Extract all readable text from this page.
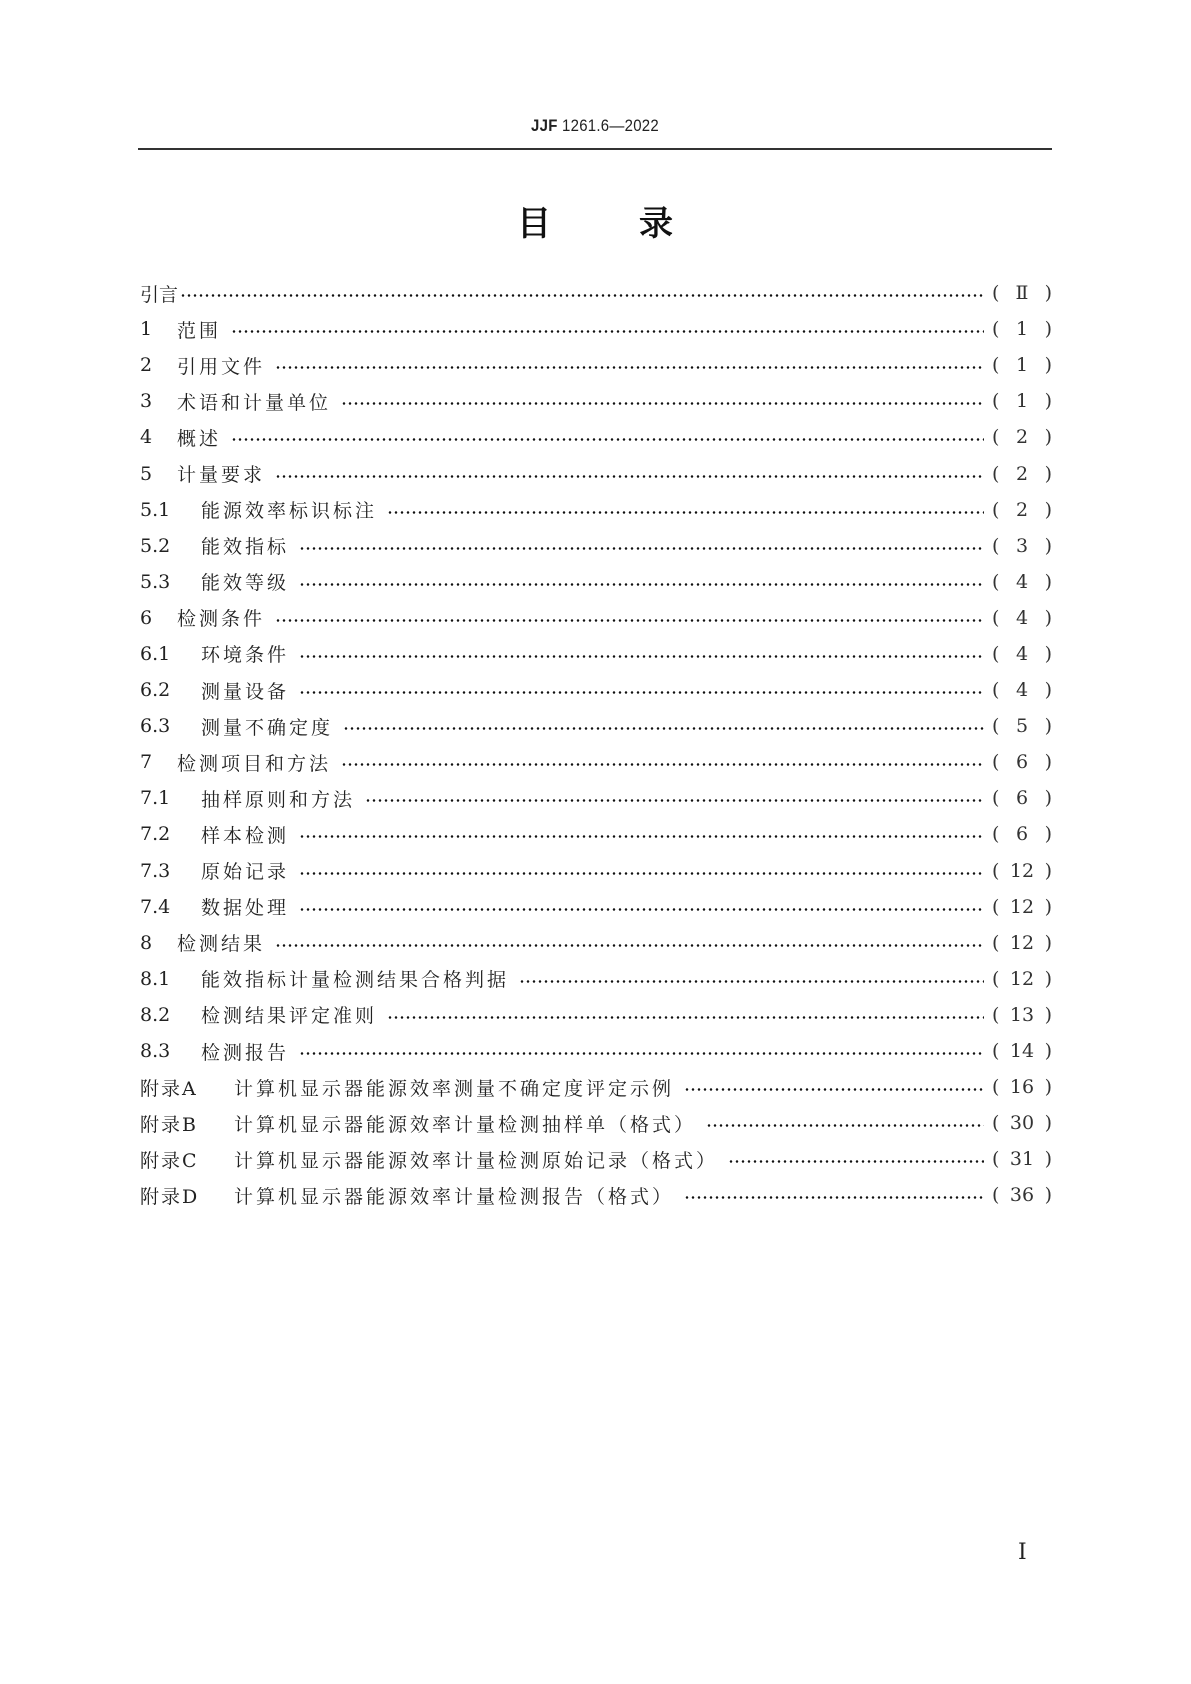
JJF 1261.6—2022
目	录
引言	( Ⅱ )
1	范围	( 1 )
2	引用文件	( 1 )
3	术语和计量单位	( 1 )
4	概述	( 2 )
5	计量要求	( 2 )
5.1	能源效率标识标注	( 2 )
5.2	能效指标	( 3 )
5.3	能效等级	( 4 )
6	检测条件	( 4 )
6.1	环境条件	( 4 )
6.2	测量设备	( 4 )
6.3	测量不确定度	( 5 )
7	检测项目和方法	( 6 )
7.1	抽样原则和方法	( 6 )
7.2	样本检测	( 6 )
7.3	原始记录	( 12 )
7.4	数据处理	( 12 )
8	检测结果	( 12 )
8.1	能效指标计量检测结果合格判据	( 12 )
8.2	检测结果评定准则	( 13 )
8.3	检测报告	( 14 )
附录A	计算机显示器能源效率测量不确定度评定示例	( 16 )
附录B	计算机显示器能源效率计量检测抽样单（格式）	( 30 )
附录C	计算机显示器能源效率计量检测原始记录（格式）	( 31 )
附录D	计算机显示器能源效率计量检测报告（格式）	( 36 )
I
